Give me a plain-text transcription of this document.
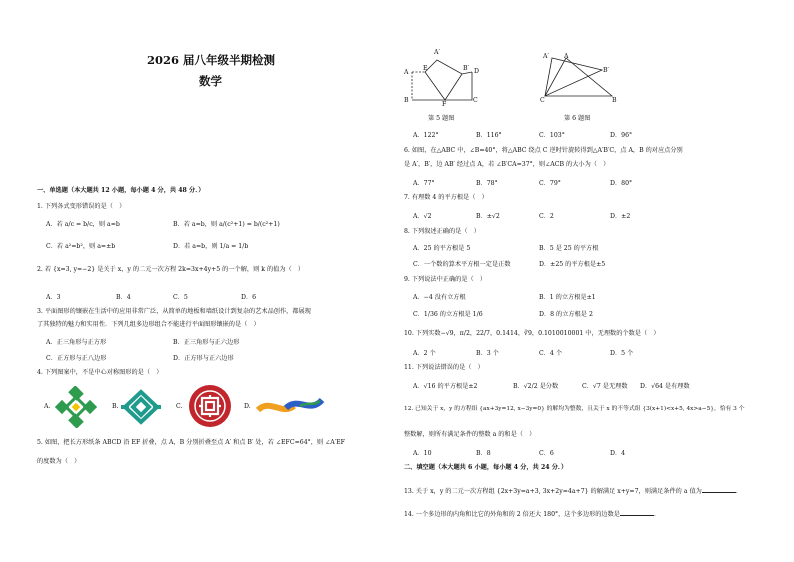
2026 届八年级半期检测
数学
一、单选题（本大题共 12 小题，每小题 4 分，共 48 分．）
1. 下列各式变形错误的是（　）
A．若 a/c = b/c，则 a=b	B．若 a=b，则 a/(c²+1) = b/(c²+1)
C．若 a²=b²，则 a=±b	D．若 a=b，则 1/a = 1/b
2. 若 {x=3, y=−2} 是关于 x，y 的二元一次方程 2k=3x+4y+5 的一个解，则 k 的值为（　）
A．3	B．4	C．5	D．6
3. 平面图形的镶嵌在生活中的应用非常广泛，从简单的地板和墙纸设计到复杂的艺术品创作，都展现
了其独特的魅力和实用性．下列几组多边形组合不能进行平面图形镶嵌的是（　）
A．正三角形与正方形	B．正三角形与正六边形
C．正方形与正八边形	D．正方形与正六边形
4. 下列图案中，不是中心对称图形的是（　）
A.	B.	C.	D.
5. 如图，把长方形纸条 ABCD 沿 EF 折叠，点 A，B 分别折叠至点 A′ 和点 B′ 处，若 ∠EFC=64°，则 ∠A′EF
的度数为（　）
A′
A
E	B′ D
B
F
C
第 5 题图
A′ A
B′
C	B
第 6 题图
A．122°	B．116°	C．103°	D．96°
6. 如图，在△ABC 中，∠B=40°，将△ABC 绕点 C 逆时针旋转得到△A′B′C，点 A，B 的对应点分别
是 A′，B′，边 AB′ 经过点 A，若 ∠B′CA=37°，则∠ACB 的大小为（　）
A．77°	B．78°	C．79°	D．80°
7. 有理数 4 的平方根是（　）
A．√2	B．±√2	C．2	D．±2
8. 下列叙述正确的是（　）
A．25 的平方根是 5	B．5 是 25 的平方根
C．一个数的算术平方根一定是正数	D．±25 的平方根是±5
9. 下列说法中正确的是（　）
A．−4 没有立方根	B．1 的立方根是±1
C．1/36 的立方根是 1/6	D．8 的立方根是 2
10. 下列实数−√9，π/2，22/7，0.1414，∛9，0.1010010001 中，无理数的个数是（　）
A．2 个	B．3 个	C．4 个	D．5 个
11. 下列说法错误的是（　）
A．√16 的平方根是±2	B．√2/2 是分数	C．√7 是无理数 D．√64 是有理数
12. 已知关于 x，y 的方程组 {ax+3y=12, x−3y=0} 的解均为整数，且关于 x 的不等式组 {3(x+1)<x+5, 4x>a−5}，恰有 3 个
整数解，则所有满足条件的整数 a 的和是（　）
A．10	B．8	C．6	D．4
二、填空题（本大题共 6 小题，每小题 4 分，共 24 分．）
13. 关于 x，y 的二元一次方程组 {2x+3y=a+3, 3x+2y=4a+7} 的解满足 x+y=7，则满足条件的 a 值为	．
14. 一个多边形的内角和比它的外角和的 2 倍还大 180°，这个多边形的边数是	．
